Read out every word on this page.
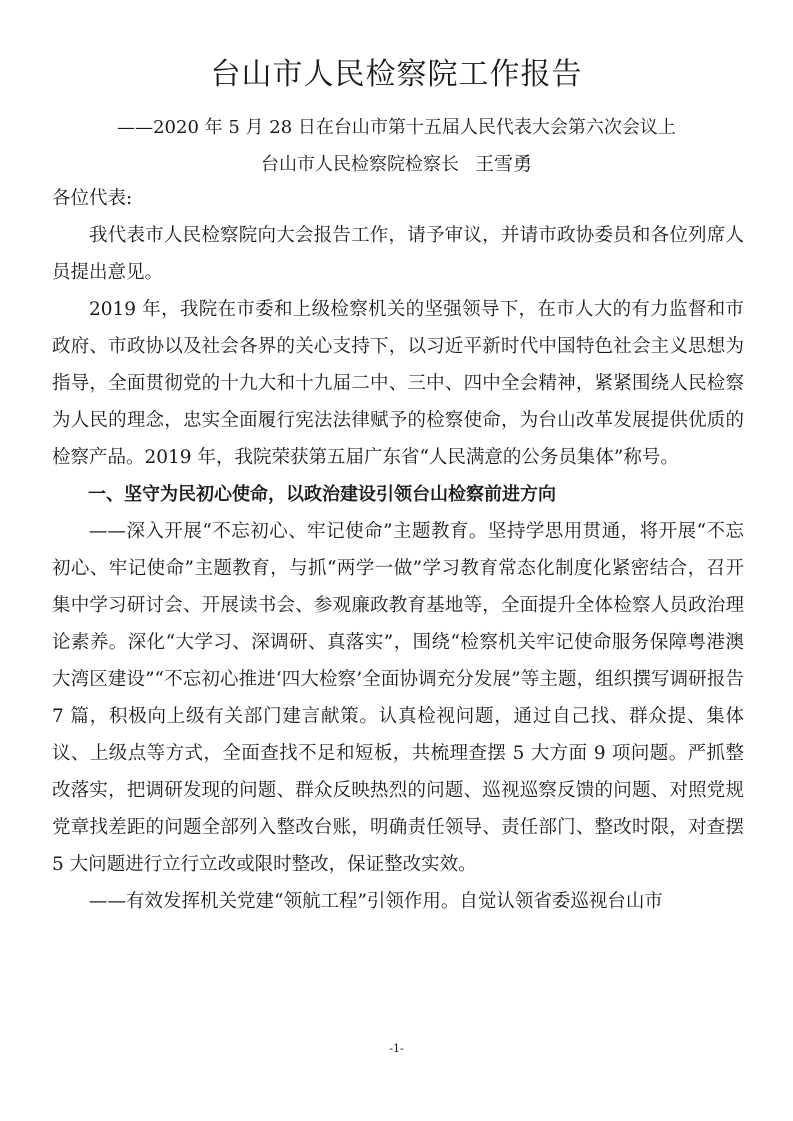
台山市人民检察院工作报告
——2020 年 5 月 28 日在台山市第十五届人民代表大会第六次会议上
台山市人民检察院检察长 王雪勇

各位代表:

我代表市人民检察院向大会报告工作，请予审议，并请市政协委员和各位列席人员提出意见。

2019 年，我院在市委和上级检察机关的坚强领导下，在市人大的有力监督和市政府、市政协以及社会各界的关心支持下，以习近平新时代中国特色社会主义思想为指导，全面贯彻党的十九大和十九届二中、三中、四中全会精神，紧紧围绕人民检察为人民的理念，忠实全面履行宪法法律赋予的检察使命，为台山改革发展提供优质的检察产品。2019 年，我院荣获第五届广东省“人民满意的公务员集体”称号。

一、坚守为民初心使命，以政治建设引领台山检察前进方向

——深入开展“不忘初心、牢记使命”主题教育。坚持学思用贯通，将开展“不忘初心、牢记使命”主题教育，与抓“两学一做”学习教育常态化制度化紧密结合，召开集中学习研讨会、开展读书会、参观廉政教育基地等，全面提升全体检察人员政治理论素养。深化“大学习、深调研、真落实”，围绕“检察机关牢记使命服务保障粤港澳大湾区建设”“不忘初心推进‘四大检察’全面协调充分发展”等主题，组织撰写调研报告 7 篇，积极向上级有关部门建言献策。认真检视问题，通过自己找、群众提、集体议、上级点等方式，全面查找不足和短板，共梳理查摆 5 大方面 9 项问题。严抓整改落实，把调研发现的问题、群众反映热烈的问题、巡视巡察反馈的问题、对照党规党章找差距的问题全部列入整改台账，明确责任领导、责任部门、整改时限，对查摆 5 大问题进行立行立改或限时整改，保证整改实效。

——有效发挥机关党建“领航工程”引领作用。自觉认领省委巡视台山市

-1-
